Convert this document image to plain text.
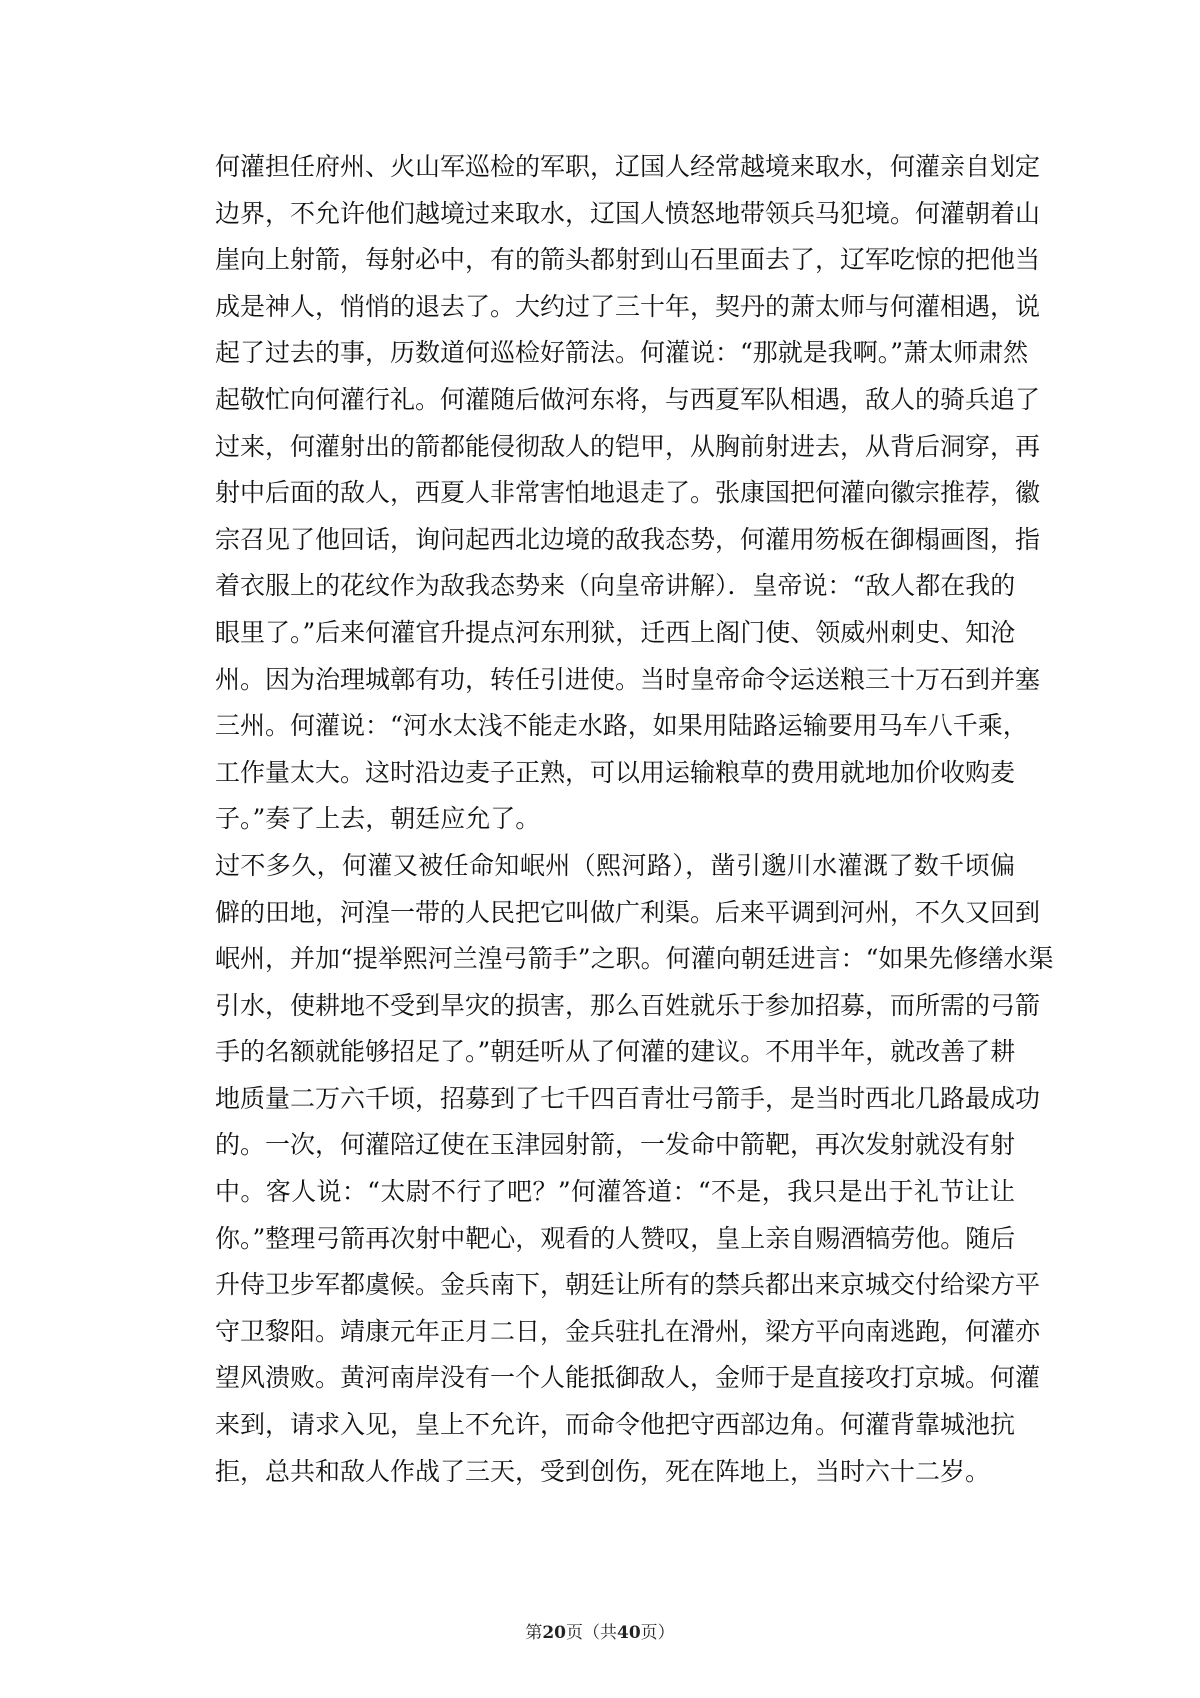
何灌担任府州、火山军巡检的军职，辽国人经常越境来取水，何灌亲自划定
边界，不允许他们越境过来取水，辽国人愤怒地带领兵马犯境。何灌朝着山
崖向上射箭，每射必中，有的箭头都射到山石里面去了，辽军吃惊的把他当
成是神人，悄悄的退去了。大约过了三十年，契丹的萧太师与何灌相遇，说
起了过去的事，历数道何巡检好箭法。何灌说：“那就是我啊。”萧太师肃然
起敬忙向何灌行礼。何灌随后做河东将，与西夏军队相遇，敌人的骑兵追了
过来，何灌射出的箭都能侵彻敌人的铠甲，从胸前射进去，从背后洞穿，再
射中后面的敌人，西夏人非常害怕地退走了。张康国把何灌向徽宗推荐，徽
宗召见了他回话，询问起西北边境的敌我态势，何灌用笏板在御榻画图，指
着衣服上的花纹作为敌我态势来（向皇帝讲解）．皇帝说：“敌人都在我的
眼里了。”后来何灌官升提点河东刑狱，迁西上阁门使、领威州刺史、知沧
州。因为治理城鄣有功，转任引进使。当时皇帝命令运送粮三十万石到并塞
三州。何灌说：“河水太浅不能走水路，如果用陆路运输要用马车八千乘，
工作量太大。这时沿边麦子正熟，可以用运输粮草的费用就地加价收购麦
子。”奏了上去，朝廷应允了。
过不多久，何灌又被任命知岷州（熙河路），凿引邈川水灌溉了数千顷偏
僻的田地，河湟一带的人民把它叫做广利渠。后来平调到河州，不久又回到
岷州，并加“提举熙河兰湟弓箭手”之职。何灌向朝廷进言：“如果先修缮水渠
引水，使耕地不受到旱灾的损害，那么百姓就乐于参加招募，而所需的弓箭
手的名额就能够招足了。”朝廷听从了何灌的建议。不用半年，就改善了耕
地质量二万六千顷，招募到了七千四百青壮弓箭手，是当时西北几路最成功
的。一次，何灌陪辽使在玉津园射箭，一发命中箭靶，再次发射就没有射
中。客人说：“太尉不行了吧？”何灌答道：“不是，我只是出于礼节让让
你。”整理弓箭再次射中靶心，观看的人赞叹，皇上亲自赐酒犒劳他。随后
升侍卫步军都虞候。金兵南下，朝廷让所有的禁兵都出来京城交付给梁方平
守卫黎阳。靖康元年正月二日，金兵驻扎在滑州，梁方平向南逃跑，何灌亦
望风溃败。黄河南岸没有一个人能抵御敌人，金师于是直接攻打京城。何灌
来到，请求入见，皇上不允许，而命令他把守西部边角。何灌背靠城池抗
拒，总共和敌人作战了三天，受到创伤，死在阵地上，当时六十二岁。
第20页（共40页）
